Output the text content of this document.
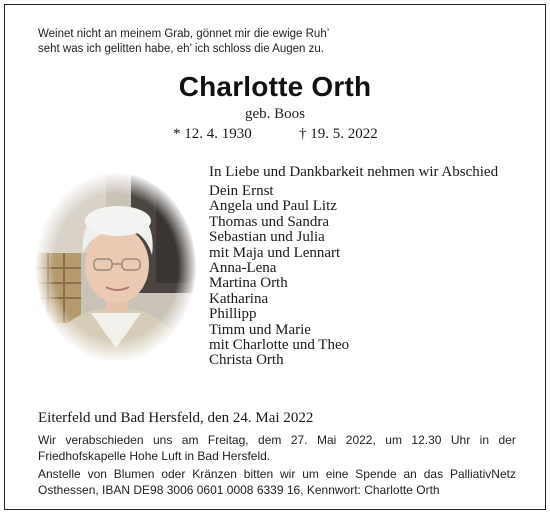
Weinet nicht an meinem Grab, gönnet mir die ewige Ruh’
seht was ich gelitten habe, eh’ ich schloss die Augen zu.
Charlotte Orth
geb. Boos
* 12. 4. 1930	† 19. 5. 2022
In Liebe und Dankbarkeit nehmen wir Abschied
Dein Ernst
Angela und Paul Litz
Thomas und Sandra
Sebastian und Julia
mit Maja und Lennart
Anna-Lena
Martina Orth
Katharina
Phillipp
Timm und Marie
mit Charlotte und Theo
Christa Orth
Eiterfeld und Bad Hersfeld, den 24. Mai 2022
Wir verabschieden uns am Freitag, dem 27. Mai 2022, um 12.30 Uhr in der
Friedhofskapelle Hohe Luft in Bad Hersfeld.
Anstelle von Blumen oder Kränzen bitten wir um eine Spende an das PalliativNetz
Osthessen, IBAN DE98 3006 0601 0008 6339 16, Kennwort: Charlotte Orth
